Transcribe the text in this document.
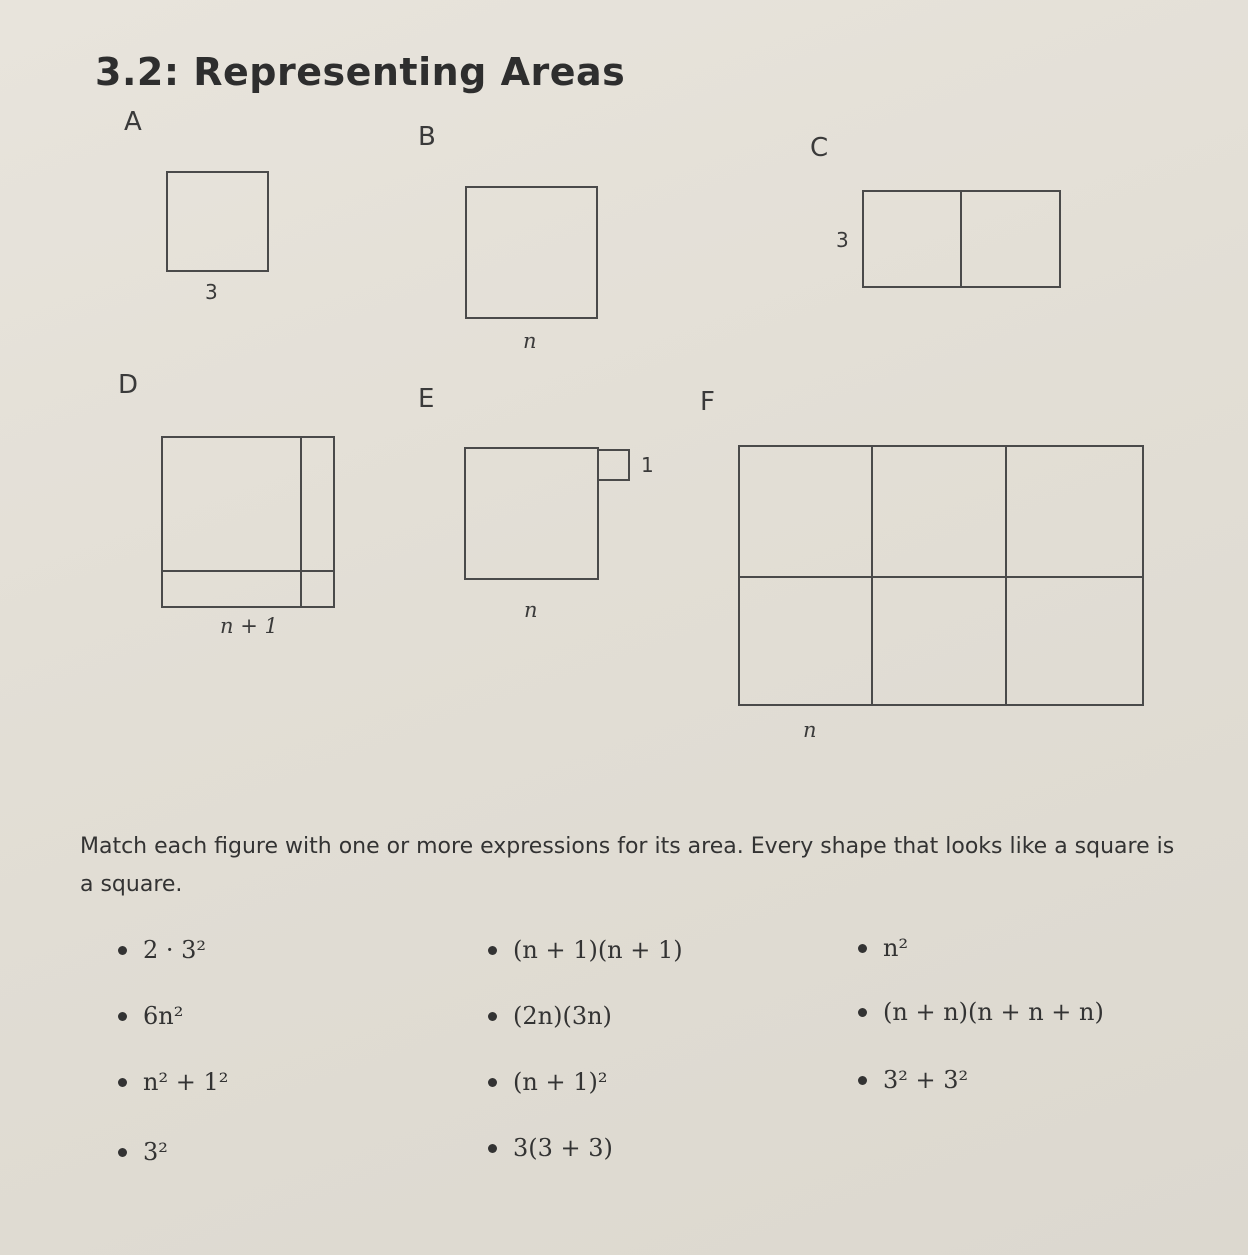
3.2: Representing Areas
A
3
B
n
C
3
D
n + 1
E
1
n
F
n

Match each figure with one or more expressions for its area. Every shape that looks like a square is a square.

2 · 3²	(n + 1)(n + 1)	n²
6n²	(2n)(3n)	(n + n)(n + n + n)
n² + 1²	(n + 1)²	3² + 3²
3²	3(3 + 3)
